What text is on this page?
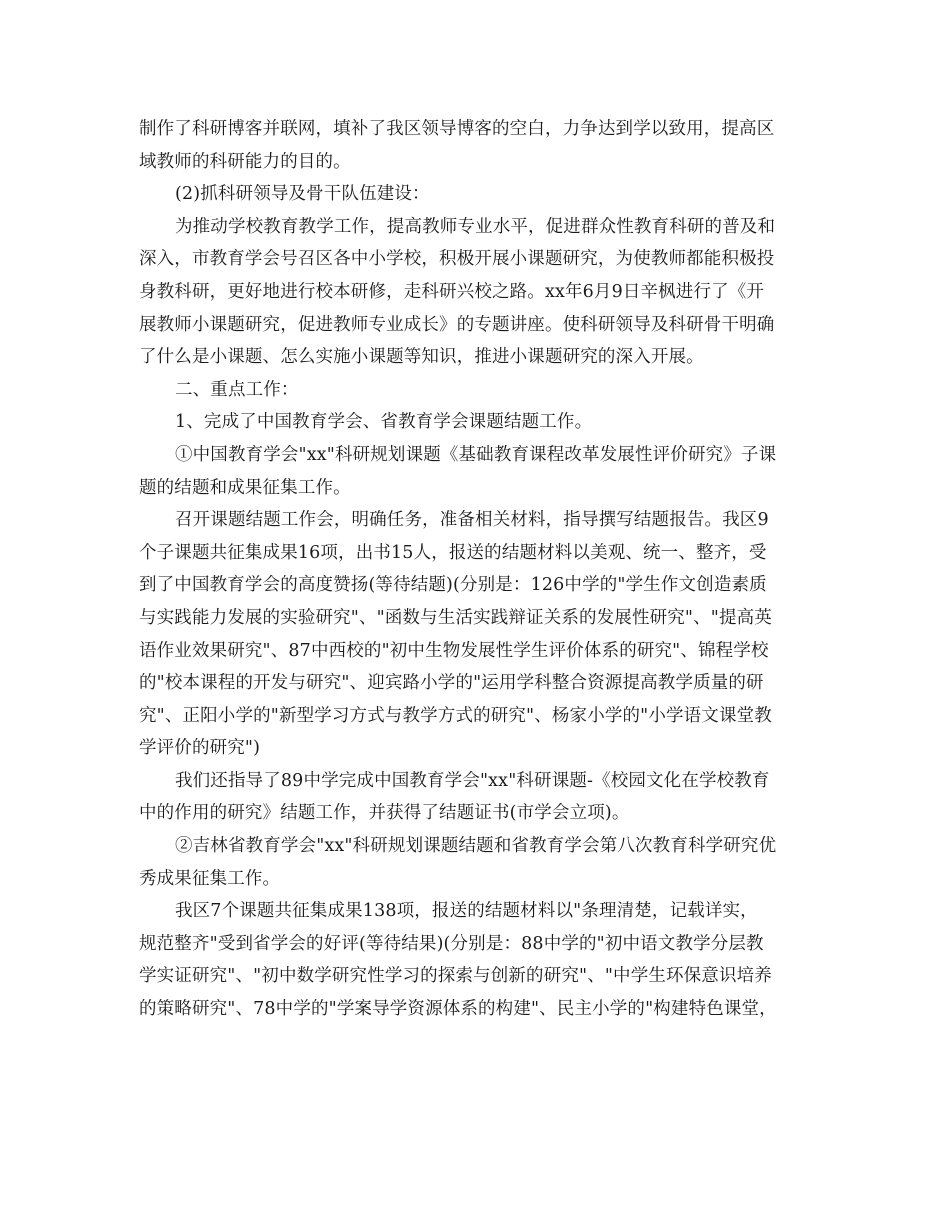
制作了科研博客并联网，填补了我区领导博客的空白，力争达到学以致用，提高区
域教师的科研能力的目的。
(2)抓科研领导及骨干队伍建设：
为推动学校教育教学工作，提高教师专业水平，促进群众性教育科研的普及和
深入，市教育学会号召区各中小学校，积极开展小课题研究，为使教师都能积极投
身教科研，更好地进行校本研修，走科研兴校之路。xx年6月9日辛枫进行了《开
展教师小课题研究，促进教师专业成长》的专题讲座。使科研领导及科研骨干明确
了什么是小课题、怎么实施小课题等知识，推进小课题研究的深入开展。
二、重点工作：
1、完成了中国教育学会、省教育学会课题结题工作。
①中国教育学会"xx"科研规划课题《基础教育课程改革发展性评价研究》子课
题的结题和成果征集工作。
召开课题结题工作会，明确任务，准备相关材料，指导撰写结题报告。我区9
个子课题共征集成果16项，出书15人，报送的结题材料以美观、统一、整齐，受
到了中国教育学会的高度赞扬(等待结题)(分别是：126中学的"学生作文创造素质
与实践能力发展的实验研究"、"函数与生活实践辩证关系的发展性研究"、"提高英
语作业效果研究"、87中西校的"初中生物发展性学生评价体系的研究"、锦程学校
的"校本课程的开发与研究"、迎宾路小学的"运用学科整合资源提高教学质量的研
究"、正阳小学的"新型学习方式与教学方式的研究"、杨家小学的"小学语文课堂教
学评价的研究")
我们还指导了89中学完成中国教育学会"xx"科研课题-《校园文化在学校教育
中的作用的研究》结题工作，并获得了结题证书(市学会立项)。
②吉林省教育学会"xx"科研规划课题结题和省教育学会第八次教育科学研究优
秀成果征集工作。
我区7个课题共征集成果138项，报送的结题材料以"条理清楚，记载详实，
规范整齐"受到省学会的好评(等待结果)(分别是：88中学的"初中语文教学分层教
学实证研究"、"初中数学研究性学习的探索与创新的研究"、"中学生环保意识培养
的策略研究"、78中学的"学案导学资源体系的构建"、民主小学的"构建特色课堂，
